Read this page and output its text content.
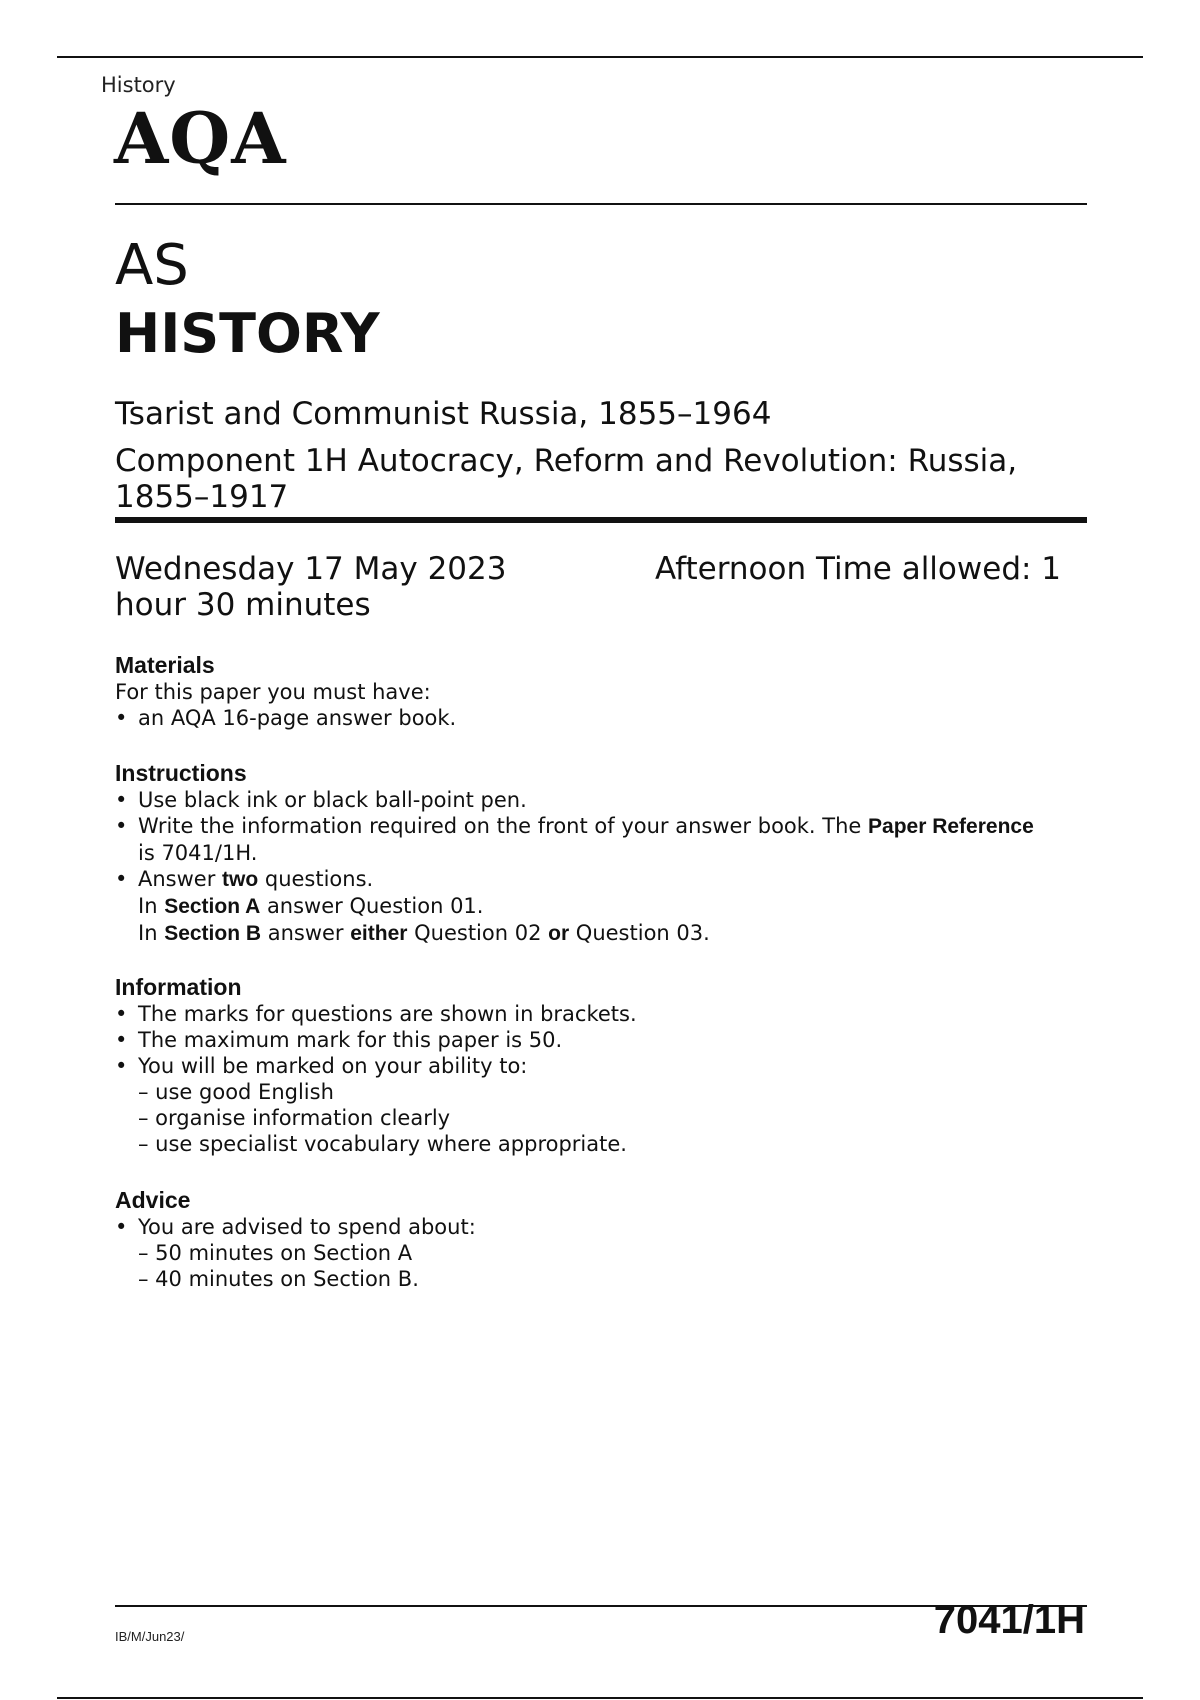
History
AQA
AS
HISTORY
Tsarist and Communist Russia, 1855–1964
Component 1H Autocracy, Reform and Revolution: Russia, 1855–1917
Wednesday 17 May 2023	Afternoon Time allowed: 1 hour 30 minutes
Materials

For this paper you must have:

• an AQA 16-page answer book.
Instructions
• Use black ink or black ball-point pen.
• Write the information required on the front of your answer book. The Paper Reference is 7041/1H.
• Answer two questions.
In Section A answer Question 01.
In Section B answer either Question 02 or Question 03.
Information
• The marks for questions are shown in brackets.
• The maximum mark for this paper is 50.
• You will be marked on your ability to:
– use good English
– organise information clearly
– use specialist vocabulary where appropriate.
Advice
• You are advised to spend about:
– 50 minutes on Section A
– 40 minutes on Section B.
IB/M/Jun23/	7041/1H
